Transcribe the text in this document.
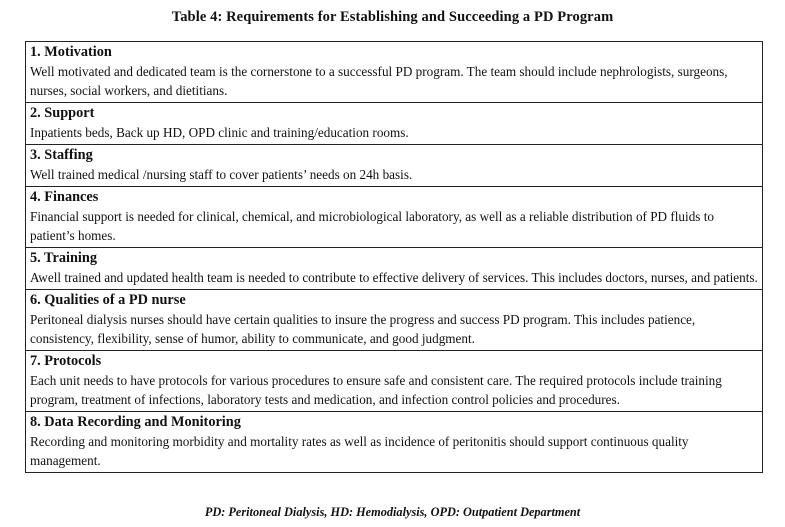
Table 4: Requirements for Establishing and Succeeding a PD Program
1. Motivation
Well motivated and dedicated team is the cornerstone to a successful PD program. The team should include nephrologists, surgeons, nurses, social workers, and dietitians.
2. Support
Inpatients beds, Back up HD, OPD clinic and training/education rooms.
3. Staffing
Well trained medical /nursing staff to cover patients’ needs on 24h basis.
4. Finances
Financial support is needed for clinical, chemical, and microbiological laboratory, as well as a reliable distribution of PD fluids to patient’s homes.
5. Training
Awell trained and updated health team is needed to contribute to effective delivery of services. This includes doctors, nurses, and patients.
6. Qualities of a PD nurse
Peritoneal dialysis nurses should have certain qualities to insure the progress and success PD program. This includes patience, consistency, flexibility, sense of humor, ability to communicate, and good judgment.
7. Protocols
Each unit needs to have protocols for various procedures to ensure safe and consistent care. The required protocols include training program, treatment of infections, laboratory tests and medication, and infection control policies and procedures.
8. Data Recording and Monitoring
Recording and monitoring morbidity and mortality rates as well as incidence of peritonitis should support continuous quality management.
PD: Peritoneal Dialysis, HD: Hemodialysis, OPD: Outpatient Department
